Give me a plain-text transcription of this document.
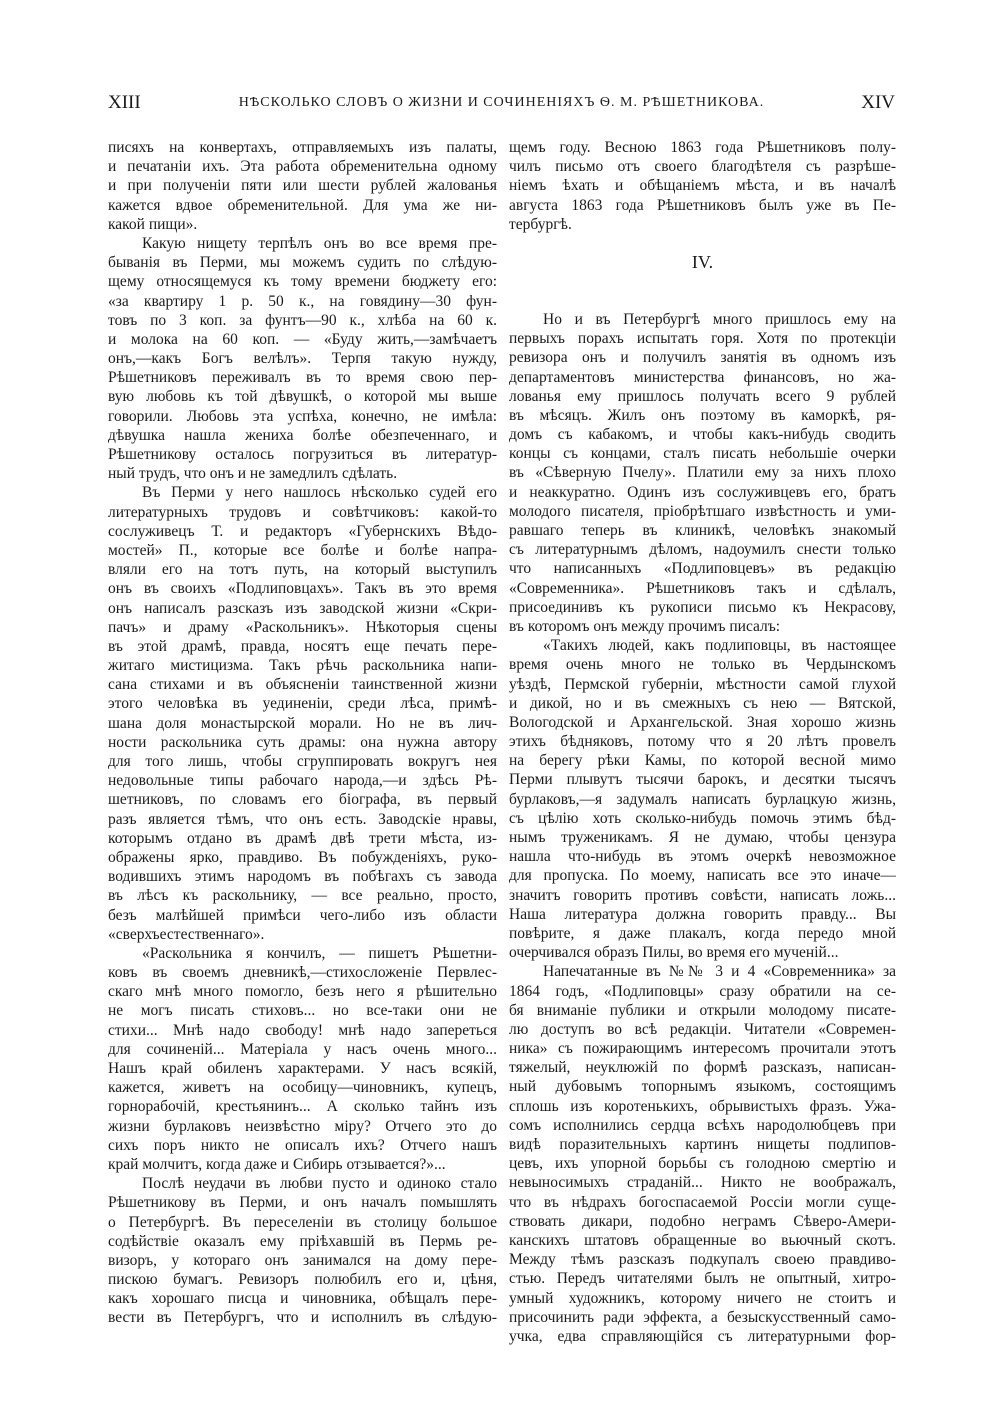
XIII	НѢСКОЛЬКО СЛОВЪ О ЖИЗНИ И СОЧИНЕНІЯХЪ Ѳ. М. РѢШЕТНИКОВА.	XIV
писяхъ на конвертахъ, отправляемыхъ изъ палаты,
и печатаніи ихъ. Эта работа обременительна одному
и при полученіи пяти или шести рублей жалованья
кажется вдвое обременительной. Для ума же ни-
какой пищи».
Какую нищету терпѣлъ онъ во все время пре-
быванія въ Перми, мы можемъ судить по слѣдую-
щему относящемуся къ тому времени бюджету его:
«за квартиру 1 р. 50 к., на говядину—30 фун-
товъ по 3 коп. за фунтъ—90 к., хлѣба на 60 к.
и молока на 60 коп. — «Буду жить,—замѣчаетъ
онъ,—какъ Богъ велѣлъ». Терпя такую нужду,
Рѣшетниковъ переживалъ въ то время свою пер-
вую любовь къ той дѣвушкѣ, о которой мы выше
говорили. Любовь эта успѣха, конечно, не имѣла:
дѣвушка нашла жениха болѣе обезпеченнаго, и
Рѣшетникову осталось погрузиться въ литератур-
ный трудъ, что онъ и не замедлилъ сдѣлать.
Въ Перми у него нашлось нѣсколько судей его
литературныхъ трудовъ и совѣтчиковъ: какой-то
сослуживецъ Т. и редакторъ «Губернскихъ Вѣдо-
мостей» П., которые все болѣе и болѣе напра-
вляли его на тотъ путь, на который выступилъ
онъ въ своихъ «Подлиповцахъ». Такъ въ это время
онъ написалъ разсказъ изъ заводской жизни «Скри-
пачъ» и драму «Раскольникъ». Нѣкоторыя сцены
въ этой драмѣ, правда, носятъ еще печать пере-
житаго мистицизма. Такъ рѣчь раскольника напи-
сана стихами и въ объясненіи таинственной жизни
этого человѣка въ уединеніи, среди лѣса, примѣ-
шана доля монастырской морали. Но не въ лич-
ности раскольника суть драмы: она нужна автору
для того лишь, чтобы сгруппировать вокругъ нея
недовольные типы рабочаго народа,—и здѣсь Рѣ-
шетниковъ, по словамъ его біографа, въ первый
разъ является тѣмъ, что онъ есть. Заводскіе нравы,
которымъ отдано въ драмѣ двѣ трети мѣста, из-
ображены ярко, правдиво. Въ побужденіяхъ, руко-
водившихъ этимъ народомъ въ побѣгахъ съ завода
въ лѣсъ къ раскольнику, — все реально, просто,
безъ малѣйшей примѣси чего-либо изъ области
«сверхъестественнаго».
«Раскольника я кончилъ, — пишетъ Рѣшетни-
ковъ въ своемъ дневникѣ,—стихосложеніе Первлес-
скаго мнѣ много помогло, безъ него я рѣшительно
не могъ писать стиховъ... но все-таки они не
стихи... Мнѣ надо свободу! мнѣ надо запереться
для сочиненій... Матеріала у насъ очень много...
Нашъ край обиленъ характерами. У насъ всякій,
кажется, живетъ на особицу—чиновникъ, купецъ,
горнорабочій, крестьянинъ... А сколько тайнъ изъ
жизни бурлаковъ неизвѣстно міру? Отчего это до
сихъ поръ никто не описалъ ихъ? Отчего нашъ
край молчитъ, когда даже и Сибирь отзывается?»...
Послѣ неудачи въ любви пусто и одиноко стало
Рѣшетникову въ Перми, и онъ началъ помышлять
о Петербургѣ. Въ переселеніи въ столицу большое
содѣйствіе оказалъ ему пріѣхавшій въ Пермь ре-
визоръ, у котораго онъ занимался на дому пере-
пискою бумагъ. Ревизоръ полюбилъ его и, цѣня,
какъ хорошаго писца и чиновника, обѣщалъ пере-
вести въ Петербургъ, что и исполнилъ въ слѣдую-
щемъ году. Весною 1863 года Рѣшетниковъ полу-
чилъ письмо отъ своего благодѣтеля съ разрѣше-
ніемъ ѣхать и обѣщаніемъ мѣста, и въ началѣ
августа 1863 года Рѣшетниковъ былъ уже въ Пе-
тербургѣ.
IV.
Но и въ Петербургѣ много пришлось ему на
первыхъ порахъ испытать горя. Хотя по протекціи
ревизора онъ и получилъ занятія въ одномъ изъ
департаментовъ министерства финансовъ, но жа-
лованья ему пришлось получать всего 9 рублей
въ мѣсяцъ. Жилъ онъ поэтому въ каморкѣ, ря-
домъ съ кабакомъ, и чтобы какъ-нибудь сводить
концы съ концами, сталъ писать небольшіе очерки
въ «Сѣверную Пчелу». Платили ему за нихъ плохо
и неаккуратно. Одинъ изъ сослуживцевъ его, братъ
молодого писателя, пріобрѣтшаго извѣстность и уми-
равшаго теперь въ клиникѣ, человѣкъ знакомый
съ литературнымъ дѣломъ, надоумилъ снести только
что написанныхъ «Подлиповцевъ» въ редакцію
«Современника». Рѣшетниковъ такъ и сдѣлалъ,
присоединивъ къ рукописи письмо къ Некрасову,
въ которомъ онъ между прочимъ писалъ:
«Такихъ людей, какъ подлиповцы, въ настоящее
время очень много не только въ Чердынскомъ
уѣздѣ, Пермской губерніи, мѣстности самой глухой
и дикой, но и въ смежныхъ съ нею — Вятской,
Вологодской и Архангельской. Зная хорошо жизнь
этихъ бѣдняковъ, потому что я 20 лѣтъ провелъ
на берегу рѣки Камы, по которой весной мимо
Перми плывутъ тысячи барокъ, и десятки тысячъ
бурлаковъ,—я задумалъ написать бурлацкую жизнь,
съ цѣлію хоть сколько-нибудь помочь этимъ бѣд-
нымъ труженикамъ. Я не думаю, чтобы цензура
нашла что-нибудь въ этомъ очеркѣ невозможное
для пропуска. По моему, написать все это иначе—
значитъ говорить противъ совѣсти, написать ложь...
Наша литература должна говорить правду... Вы
повѣрите, я даже плакалъ, когда передо мной
очерчивался образъ Пилы, во время его мученій...
Напечатанные въ №№ 3 и 4 «Современника» за
1864 годъ, «Подлиповцы» сразу обратили на се-
бя вниманіе публики и открыли молодому писате-
лю доступъ во всѣ редакціи. Читатели «Современ-
ника» съ пожирающимъ интересомъ прочитали этотъ
тяжелый, неуклюжій по формѣ разсказъ, написан-
ный дубовымъ топорнымъ языкомъ, состоящимъ
сплошь изъ коротенькихъ, обрывистыхъ фразъ. Ужа-
сомъ исполнились сердца всѣхъ народолюбцевъ при
видѣ поразительныхъ картинъ нищеты подлипов-
цевъ, ихъ упорной борьбы съ голодною смертію и
невыносимыхъ страданій... Никто не воображалъ,
что въ нѣдрахъ богоспасаемой Россіи могли суще-
ствовать дикари, подобно неграмъ Сѣверо-Амери-
канскихъ штатовъ обращенные во вьючный скотъ.
Между тѣмъ разсказъ подкупалъ своею правдиво-
стью. Передъ читателями былъ не опытный, хитро-
умный художникъ, которому ничего не стоитъ и
присочинить ради эффекта, а безыскусственный само-
учка, едва справляющійся съ литературными фор-
